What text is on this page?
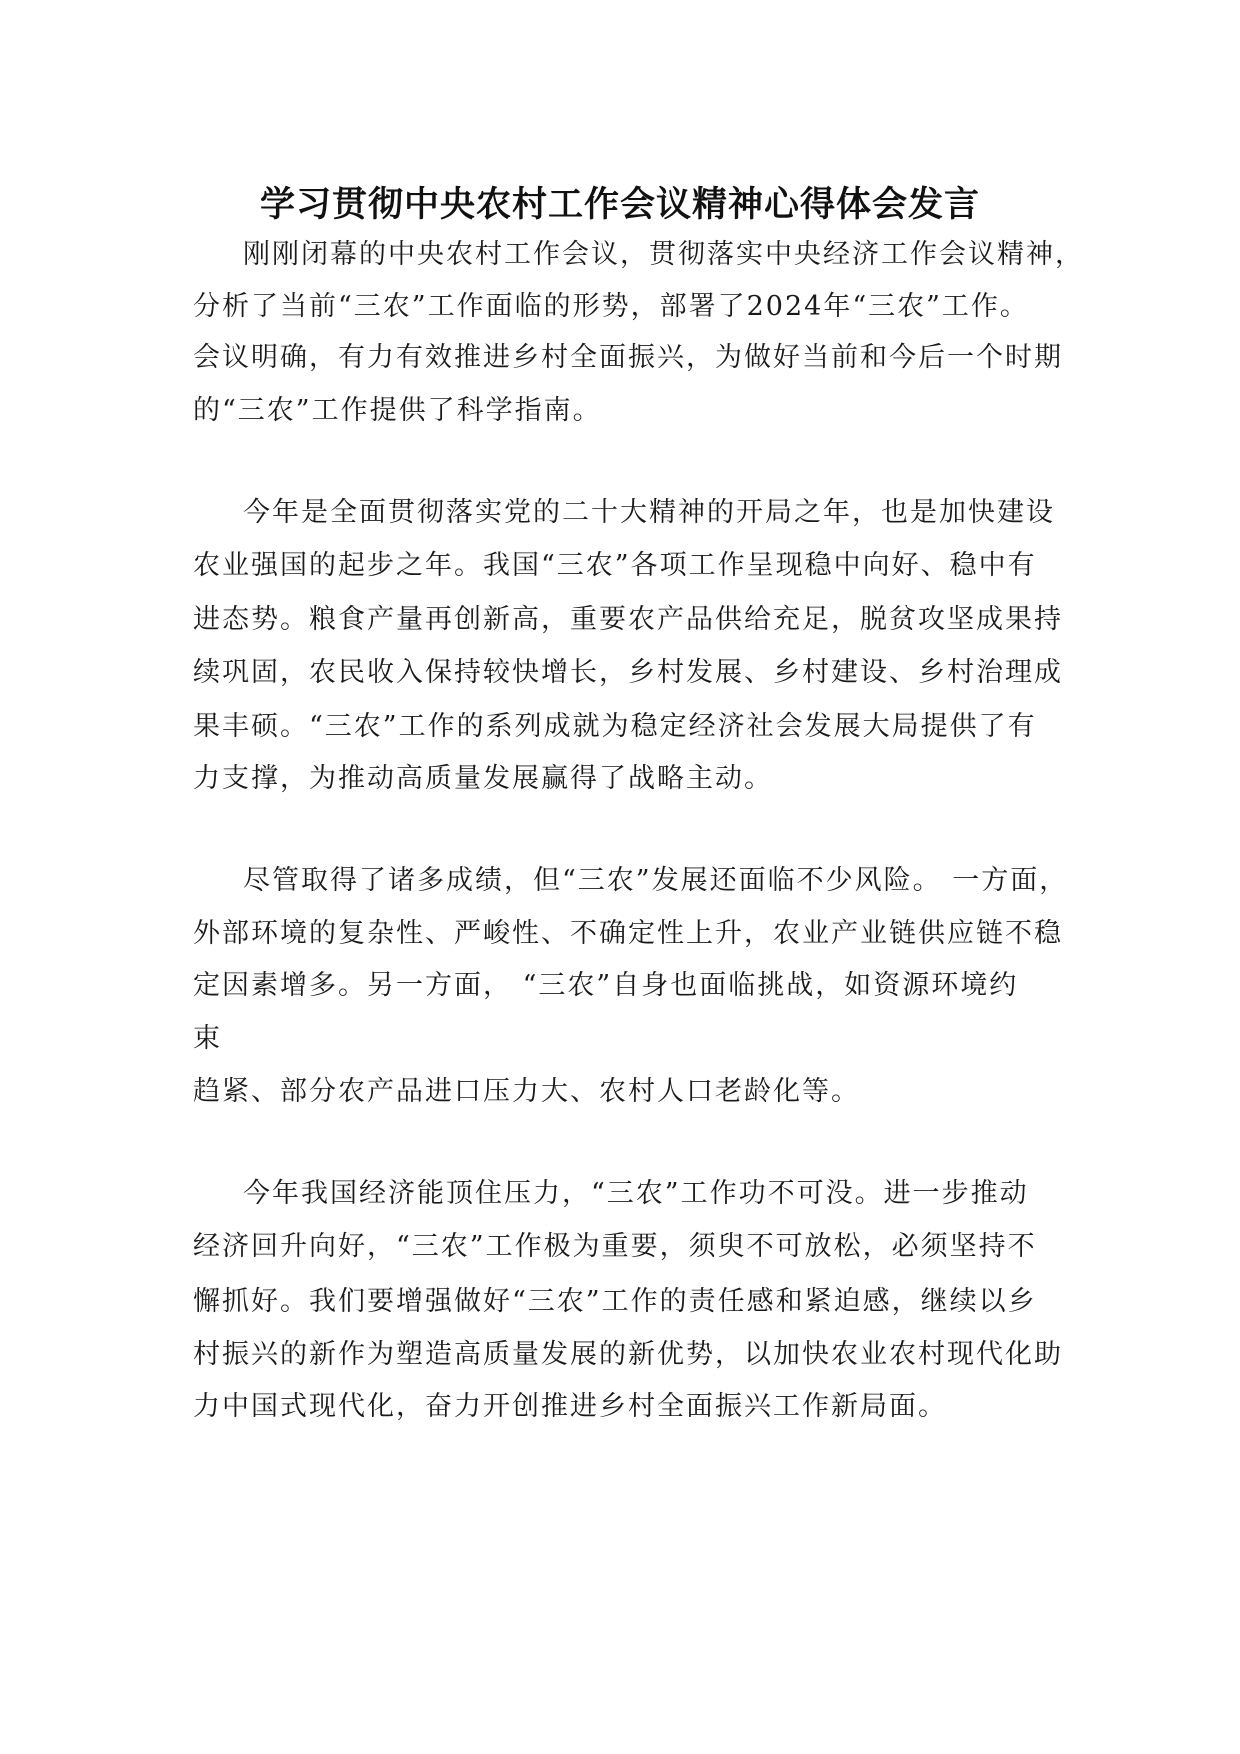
学习贯彻中央农村工作会议精神心得体会发言
刚刚闭幕的中央农村工作会议，贯彻落实中央经济工作会议精神，
分析了当前“三农”工作面临的形势，部署了2024年“三农”工作。
会议明确，有力有效推进乡村全面振兴，为做好当前和今后一个时期
的“三农”工作提供了科学指南。
今年是全面贯彻落实党的二十大精神的开局之年，也是加快建设
农业强国的起步之年。我国“三农”各项工作呈现稳中向好、稳中有
进态势。粮食产量再创新高，重要农产品供给充足，脱贫攻坚成果持
续巩固，农民收入保持较快增长，乡村发展、乡村建设、乡村治理成
果丰硕。“三农”工作的系列成就为稳定经济社会发展大局提供了有
力支撑，为推动高质量发展赢得了战略主动。
尽管取得了诸多成绩，但“三农”发展还面临不少风险。 一方面，
外部环境的复杂性、严峻性、不确定性上升，农业产业链供应链不稳
定因素增多。另一方面， “三农”自身也面临挑战，如资源环境约
束
趋紧、部分农产品进口压力大、农村人口老龄化等。
今年我国经济能顶住压力，“三农”工作功不可没。进一步推动
经济回升向好，“三农”工作极为重要，须臾不可放松，必须坚持不
懈抓好。我们要增强做好“三农”工作的责任感和紧迫感，继续以乡
村振兴的新作为塑造高质量发展的新优势，以加快农业农村现代化助
力中国式现代化，奋力开创推进乡村全面振兴工作新局面。
